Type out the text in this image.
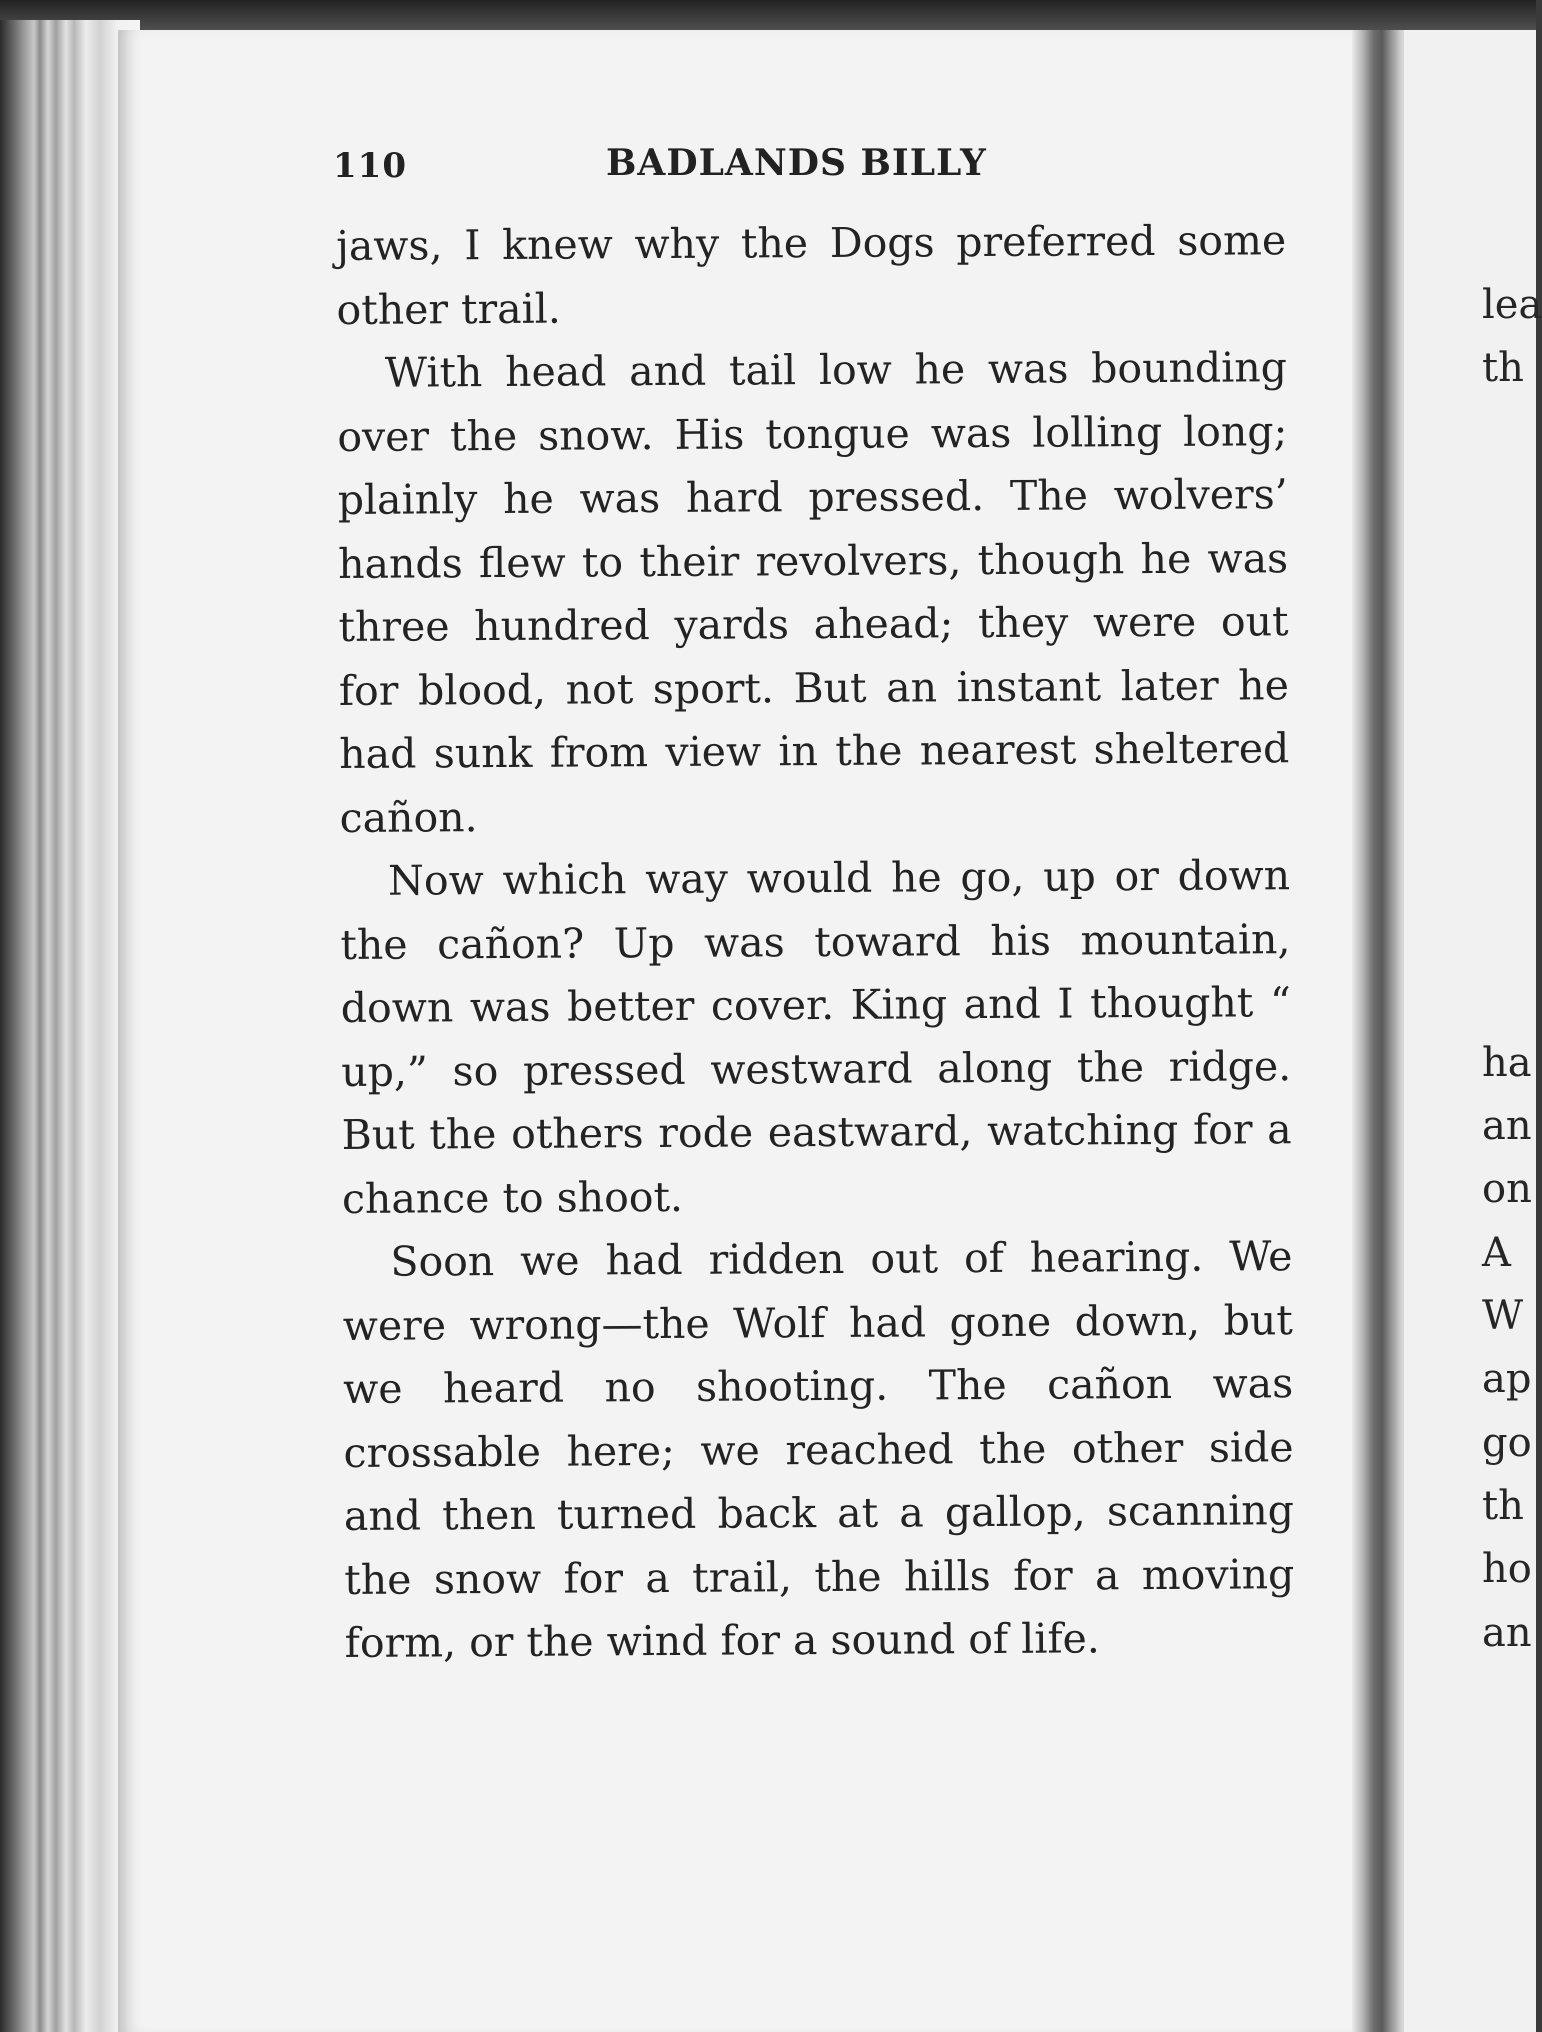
110	BADLANDS BILLY

jaws, I knew why the Dogs preferred some other trail.

With head and tail low he was bounding over the snow. His tongue was lolling long; plainly he was hard pressed. The wolvers’ hands flew to their revolvers, though he was three hundred yards ahead; they were out for blood, not sport. But an instant later he had sunk from view in the nearest sheltered cañon.

Now which way would he go, up or down the cañon? Up was toward his mountain, down was better cover. King and I thought “ up,” so pressed westward along the ridge. But the others rode eastward, watching for a chance to shoot.

Soon we had ridden out of hearing. We were wrong—the Wolf had gone down, but we heard no shooting. The cañon was crossable here; we reached the other side and then turned back at a gallop, scanning the snow for a trail, the hills for a moving form, or the wind for a sound of life.

lea
th
ha
an
on
A
W
ap
go
th
ho
an
